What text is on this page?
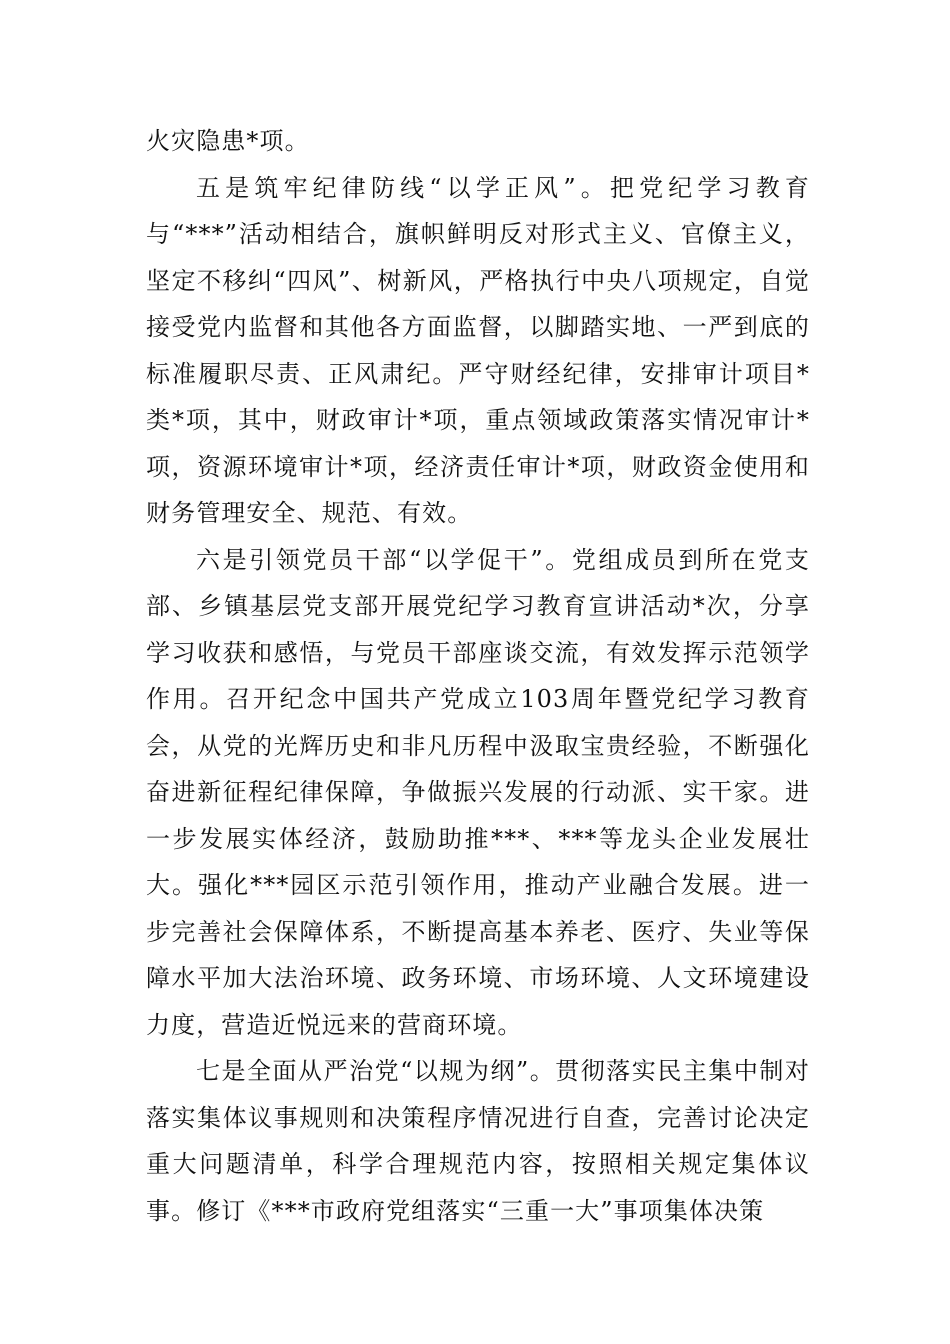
火灾隐患*项。

五是筑牢纪律防线“以学正风”。把党纪学习教育与“***”活动相结合，旗帜鲜明反对形式主义、官僚主义，坚定不移纠“四风”、树新风，严格执行中央八项规定，自觉接受党内监督和其他各方面监督，以脚踏实地、一严到底的标准履职尽责、正风肃纪。严守财经纪律，安排审计项目*类*项，其中，财政审计*项，重点领域政策落实情况审计*项，资源环境审计*项，经济责任审计*项，财政资金使用和财务管理安全、规范、有效。

六是引领党员干部“以学促干”。党组成员到所在党支部、乡镇基层党支部开展党纪学习教育宣讲活动*次，分享学习收获和感悟，与党员干部座谈交流，有效发挥示范领学作用。召开纪念中国共产党成立103周年暨党纪学习教育会，从党的光辉历史和非凡历程中汲取宝贵经验，不断强化奋进新征程纪律保障，争做振兴发展的行动派、实干家。进一步发展实体经济，鼓励助推***、***等龙头企业发展壮大。强化***园区示范引领作用，推动产业融合发展。进一步完善社会保障体系，不断提高基本养老、医疗、失业等保障水平加大法治环境、政务环境、市场环境、人文环境建设力度，营造近悦远来的营商环境。

七是全面从严治党“以规为纲”。贯彻落实民主集中制对落实集体议事规则和决策程序情况进行自查，完善讨论决定重大问题清单，科学合理规范内容，按照相关规定集体议事。修订《***市政府党组落实“三重一大”事项集体决策
